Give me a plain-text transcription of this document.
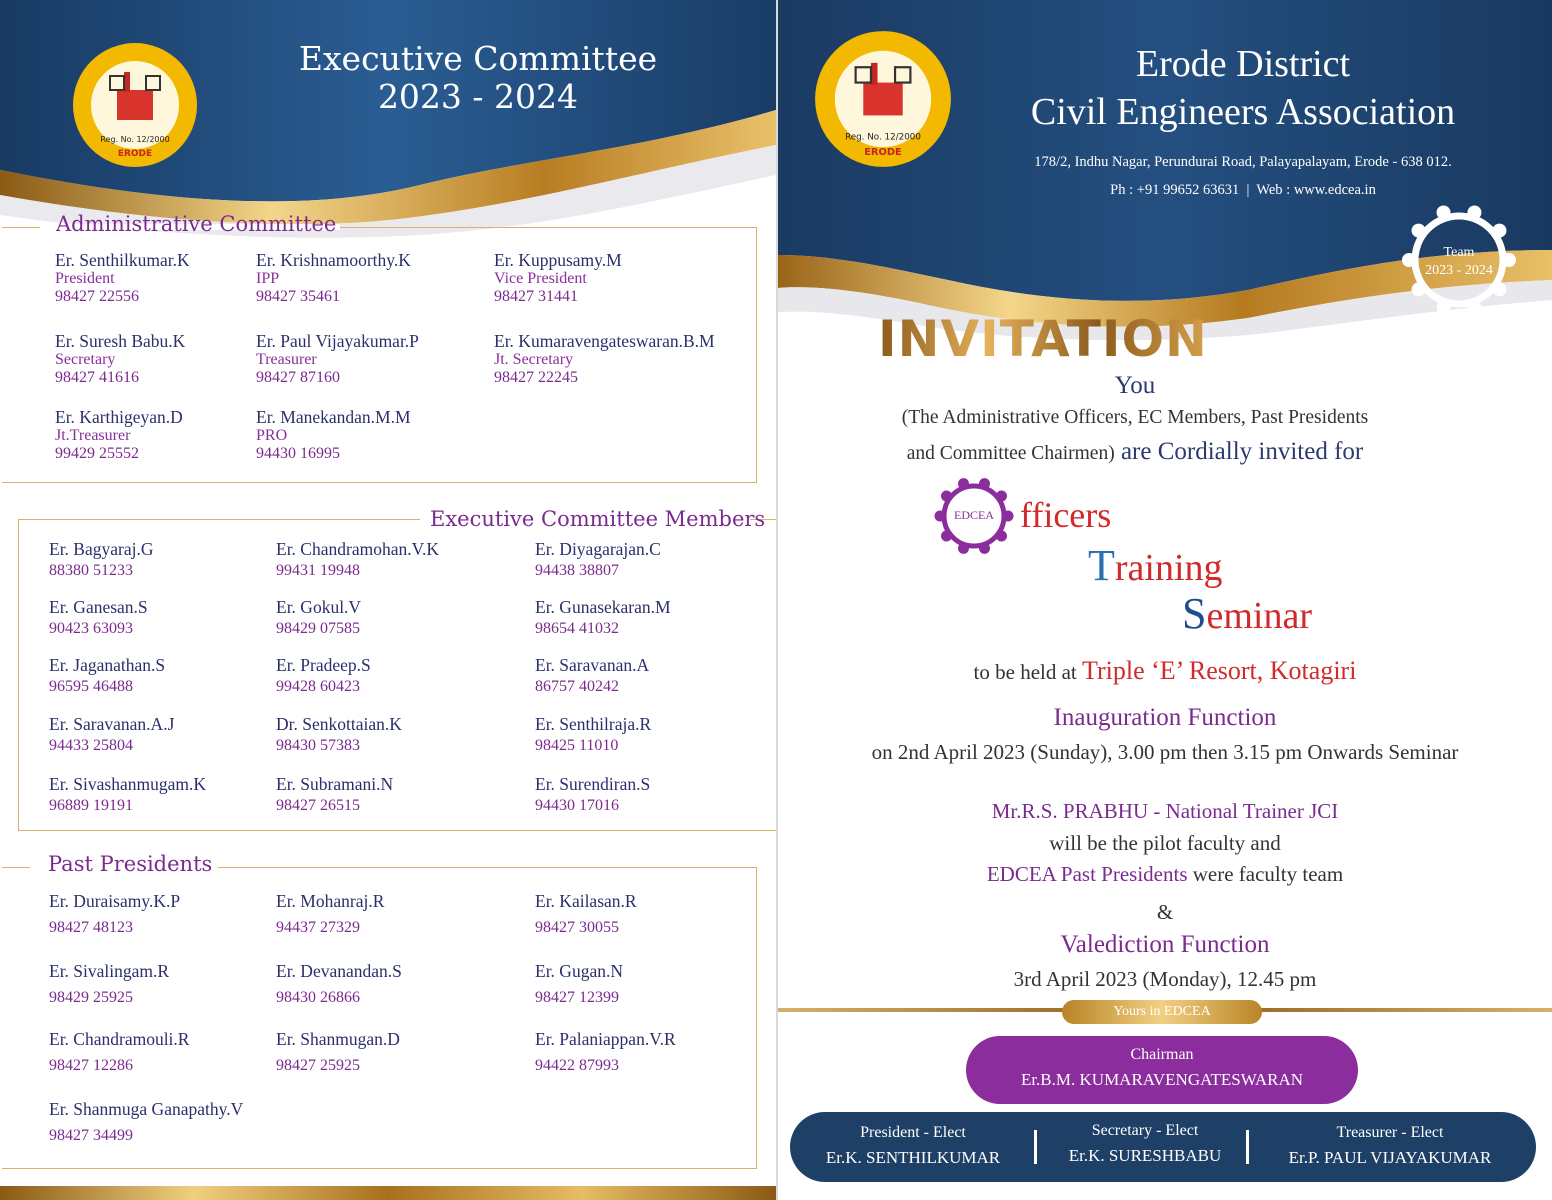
Reg. No. 12/2000
ERODE
Executive Committee
2023 - 2024
Administrative Committee
Er. Senthilkumar.K
President
98427 22556
Er. Krishnamoorthy.K
IPP
98427 35461
Er. Kuppusamy.M
Vice President
98427 31441
Er. Suresh Babu.K
Secretary
98427 41616
Er. Paul Vijayakumar.P
Treasurer
98427 87160
Er. Kumaravengateswaran.B.M
Jt. Secretary
98427 22245
Er. Karthigeyan.D
Jt.Treasurer
99429 25552
Er. Manekandan.M.M
PRO
94430 16995
Executive Committee Members
Er. Bagyaraj.G
88380 51233
Er. Chandramohan.V.K
99431 19948
Er. Diyagarajan.C
94438 38807
Er. Ganesan.S
90423 63093
Er. Gokul.V
98429 07585
Er. Gunasekaran.M
98654 41032
Er. Jaganathan.S
96595 46488
Er. Pradeep.S
99428 60423
Er. Saravanan.A
86757 40242
Er. Saravanan.A.J
94433 25804
Dr. Senkottaian.K
98430 57383
Er. Senthilraja.R
98425 11010
Er. Sivashanmugam.K
96889 19191
Er. Subramani.N
98427 26515
Er. Surendiran.S
94430 17016
Past Presidents
Er. Duraisamy.K.P
98427 48123
Er. Mohanraj.R
94437 27329
Er. Kailasan.R
98427 30055
Er. Sivalingam.R
98429 25925
Er. Devanandan.S
98430 26866
Er. Gugan.N
98427 12399
Er. Chandramouli.R
98427 12286
Er. Shanmugan.D
98427 25925
Er. Palaniappan.V.R
94422 87993
Er. Shanmuga Ganapathy.V
98427 34499
Reg. No. 12/2000
ERODE
Erode District
Civil Engineers Association
178/2, Indhu Nagar, Perundurai Road, Palayapalayam, Erode - 638 012.
Ph : +91 99652 63631  |  Web : www.edcea.in
Team
2023 - 2024
INVITATION
You
(The Administrative Officers, EC Members, Past Presidents
and Committee Chairmen) are Cordially invited for
EDCEA fficers
Training
Seminar
to be held at Triple ‘E’ Resort, Kotagiri
Inauguration Function
on 2nd April 2023 (Sunday), 3.00 pm then 3.15 pm Onwards Seminar
Mr.R.S. PRABHU - National Trainer JCI
will be the pilot faculty and
EDCEA Past Presidents were faculty team
&
Valediction Function
3rd April 2023 (Monday), 12.45 pm
Yours in EDCEA
Chairman
Er.B.M. KUMARAVENGATESWARAN
President - Elect
Er.K. SENTHILKUMAR
Secretary - Elect
Er.K. SURESHBABU
Treasurer - Elect
Er.P. PAUL VIJAYAKUMAR
